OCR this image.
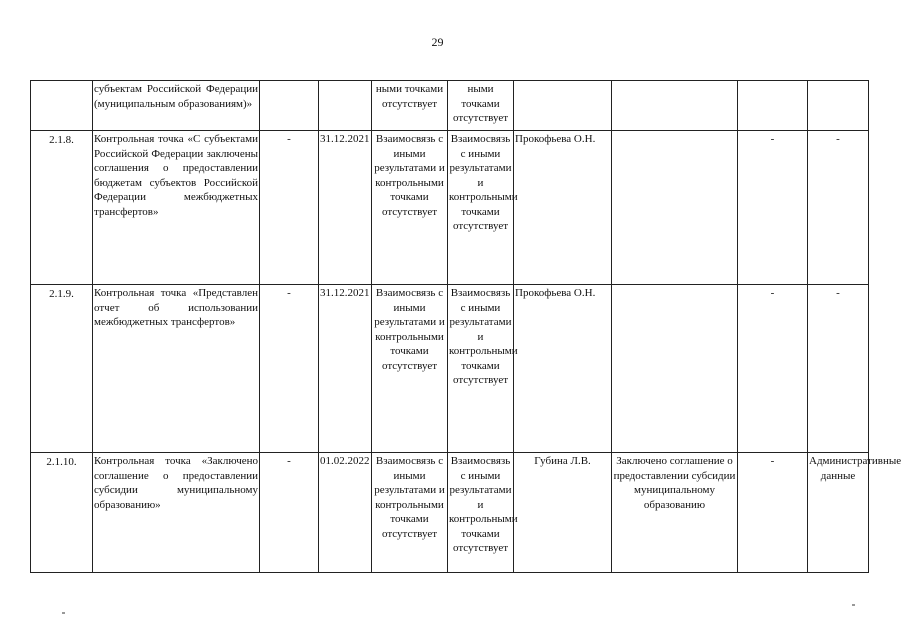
29
	субъектам Российской Федерации (муниципальным образованиям)»			ными точками отсутствует	ными точками отсутствует				
2.1.8.	Контрольная точка «С субъектами Российской Федерации заключены соглашения о предоставлении бюджетам субъектов Российской Федерации межбюджетных трансфертов»	-	31.12.2021	Взаимосвязь с иными результатами и контрольными точками отсутствует	Взаимосвязь с иными результатами и контрольными точками отсутствует	Прокофьева О.Н.		-	-
2.1.9.	Контрольная точка «Представлен отчет об использовании межбюджетных трансфертов»	-	31.12.2021	Взаимосвязь с иными результатами и контрольными точками отсутствует	Взаимосвязь с иными результатами и контрольными точками отсутствует	Прокофьева О.Н.		-	-
2.1.10.	Контрольная точка «Заключено соглашение о предоставлении субсидии муниципальному образованию»	-	01.02.2022	Взаимосвязь с иными результатами и контрольными точками отсутствует	Взаимосвязь с иными результатами и контрольными точками отсутствует	Губина Л.В.	Заключено соглашение о предоставлении субсидии муниципальному образованию	-	Административные данные
